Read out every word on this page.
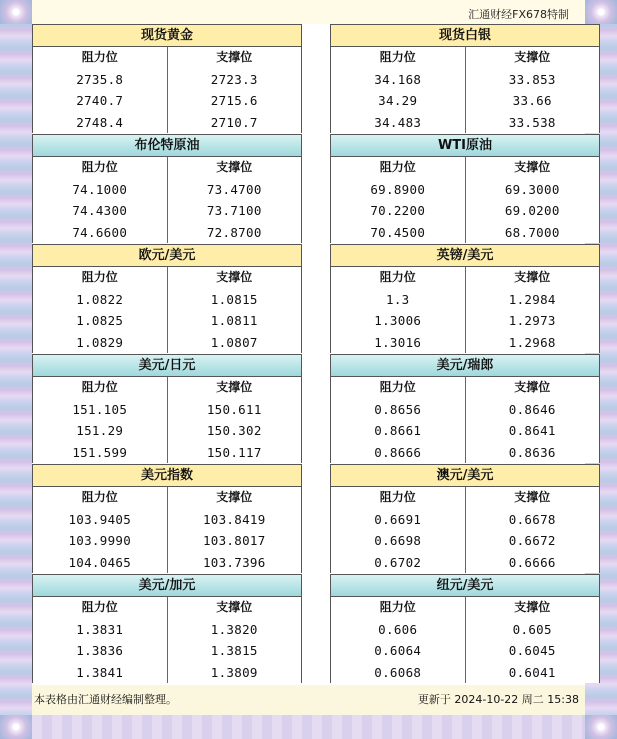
汇通财经FX678特制
现货黄金
阻力位	支撑位
2735.8	2723.3
2740.7	2715.6
2748.4	2710.7
现货白银
阻力位	支撑位
34.168	33.853
34.29	33.66
34.483	33.538
布伦特原油
阻力位	支撑位
74.1000	73.4700
74.4300	73.7100
74.6600	72.8700
WTI原油
阻力位	支撑位
69.8900	69.3000
70.2200	69.0200
70.4500	68.7000
欧元/美元
阻力位	支撑位
1.0822	1.0815
1.0825	1.0811
1.0829	1.0807
英镑/美元
阻力位	支撑位
1.3	1.2984
1.3006	1.2973
1.3016	1.2968
美元/日元
阻力位	支撑位
151.105	150.611
151.29	150.302
151.599	150.117
美元/瑞郎
阻力位	支撑位
0.8656	0.8646
0.8661	0.8641
0.8666	0.8636
美元指数
阻力位	支撑位
103.9405	103.8419
103.9990	103.8017
104.0465	103.7396
澳元/美元
阻力位	支撑位
0.6691	0.6678
0.6698	0.6672
0.6702	0.6666
美元/加元
阻力位	支撑位
1.3831	1.3820
1.3836	1.3815
1.3841	1.3809
纽元/美元
阻力位	支撑位
0.606	0.605
0.6064	0.6045
0.6068	0.6041
本表格由汇通财经编制整理。	更新于 2024-10-22 周二 15:38
